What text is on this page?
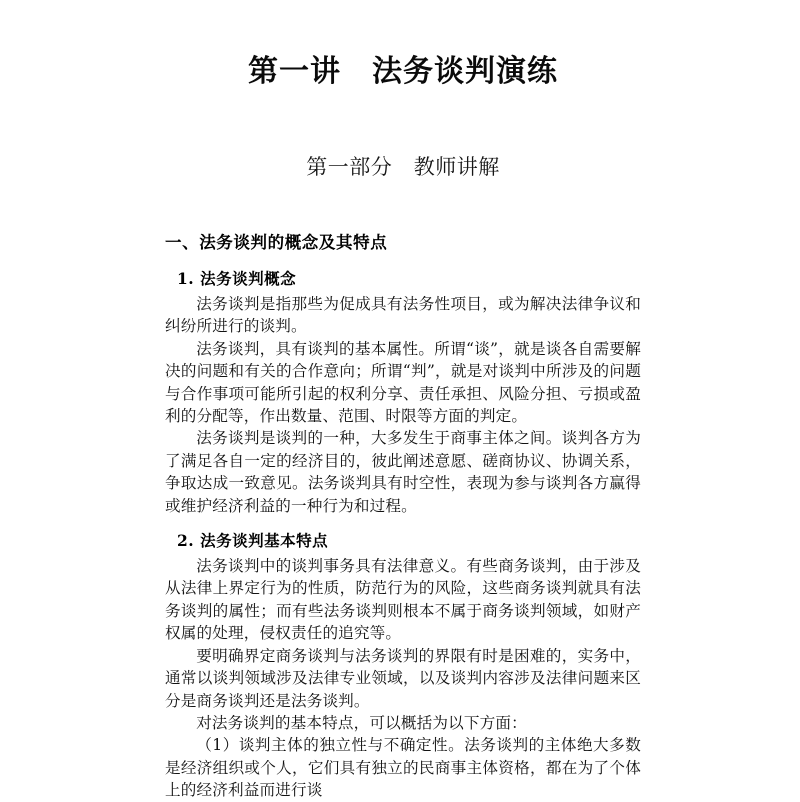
第一讲　法务谈判演练
第一部分　教师讲解
一、法务谈判的概念及其特点
1. 法务谈判概念

法务谈判是指那些为促成具有法务性项目，或为解决法律争议和纠纷所进行的谈判。

法务谈判，具有谈判的基本属性。所谓“谈”，就是谈各自需要解决的问题和有关的合作意向；所谓“判”，就是对谈判中所涉及的问题与合作事项可能所引起的权利分享、责任承担、风险分担、亏损或盈利的分配等，作出数量、范围、时限等方面的判定。

法务谈判是谈判的一种，大多发生于商事主体之间。谈判各方为了满足各自一定的经济目的，彼此阐述意愿、磋商协议、协调关系，争取达成一致意见。法务谈判具有时空性，表现为参与谈判各方赢得或维护经济利益的一种行为和过程。

2. 法务谈判基本特点

法务谈判中的谈判事务具有法律意义。有些商务谈判，由于涉及从法律上界定行为的性质，防范行为的风险，这些商务谈判就具有法务谈判的属性；而有些法务谈判则根本不属于商务谈判领域，如财产权属的处理，侵权责任的追究等。

要明确界定商务谈判与法务谈判的界限有时是困难的，实务中，通常以谈判领域涉及法律专业领域，以及谈判内容涉及法律问题来区分是商务谈判还是法务谈判。

对法务谈判的基本特点，可以概括为以下方面：

（1）谈判主体的独立性与不确定性。法务谈判的主体绝大多数是经济组织或个人，它们具有独立的民商事主体资格，都在为了个体上的经济利益而进行谈
